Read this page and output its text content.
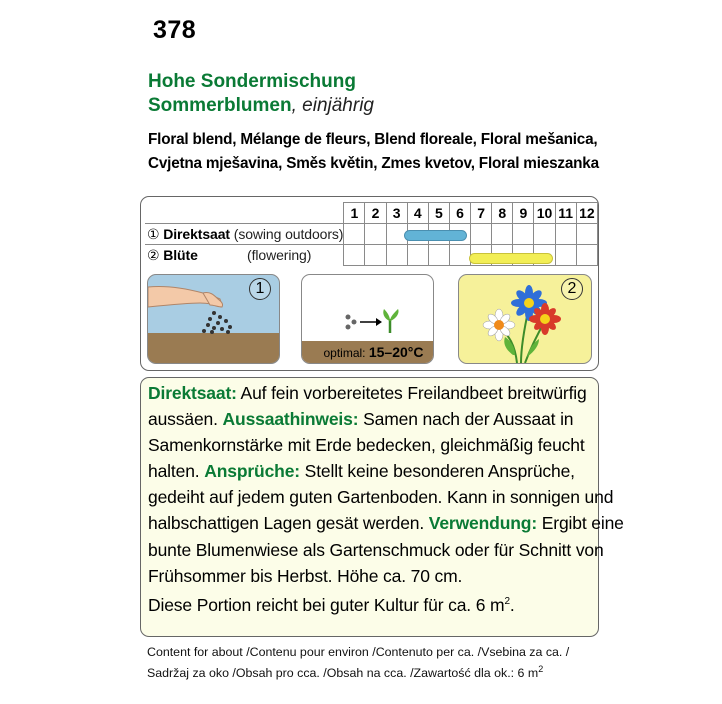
378
Hohe Sondermischung
Sommerblumen, einjährig
Floral blend, Mélange de fleurs, Blend floreale, Floral mešanica,
Cvjetna mješavina, Směs květin, Zmes kvetov, Floral mieszanka
	1	2	3	4	5	6	7	8	9	10	11	12
① Direktsaat (sowing outdoors)												
② Blüte (flowering)												
1
optimal: 15–20°C
2
Direktsaat: Auf fein vorbereitetes Freilandbeet breitwürfig
aussäen. Aussaathinweis: Samen nach der Aussaat in
Samenkornstärke mit Erde bedecken, gleichmäßig feucht
halten. Ansprüche: Stellt keine besonderen Ansprüche,
gedeiht auf jedem guten Gartenboden. Kann in sonnigen und
halbschattigen Lagen gesät werden. Verwendung: Ergibt eine
bunte Blumenwiese als Gartenschmuck oder für Schnitt von
Frühsommer bis Herbst. Höhe ca. 70 cm.
Diese Portion reicht bei guter Kultur für ca. 6 $m^2$.
Content for about /Contenu pour environ /Contenuto per ca. /Vsebina za ca. /
Sadržaj za oko /Obsah pro cca. /Obsah na cca. /Zawartość dla ok.: 6 $m^2$
